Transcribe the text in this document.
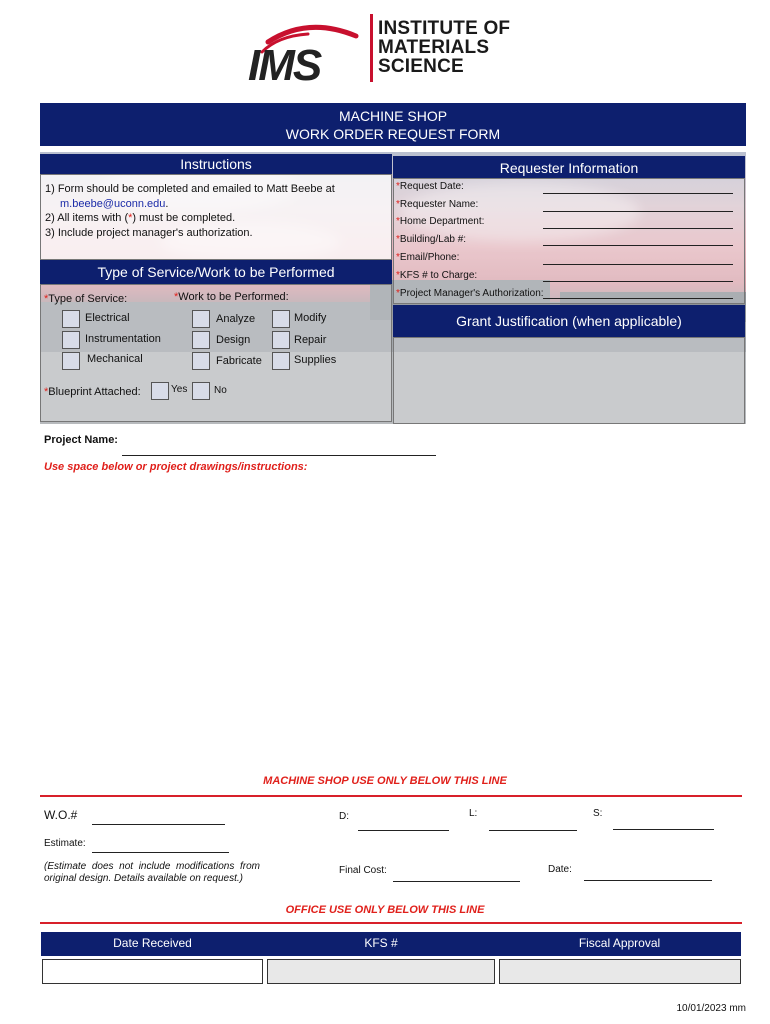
IMS
INSTITUTE OF
MATERIALS
SCIENCE
MACHINE SHOP
WORK ORDER REQUEST FORM
Instructions
1) Form should be completed and emailed to Matt Beebe at
m.beebe@uconn.edu.
2) All items with (*) must be completed.
3) Include project manager's authorization.
Type of Service/Work to be Performed
*Type of Service:	*Work to be Performed:
Electrical
Instrumentation
Mechanical
Analyze
Design
Fabricate
Modify
Repair
Supplies
*Blueprint Attached:	Yes	No
Requester Information
*Request Date:
*Requester Name:
*Home Department:
*Building/Lab #:
*Email/Phone:
*KFS # to Charge:
*Project Manager's Authorization:
Grant Justification (when applicable)
Project Name:
Use space below or project drawings/instructions:
MACHINE SHOP USE ONLY BELOW THIS LINE
W.O.#	D:	L:	S:
Estimate:
(Estimate does not include modifications from original design. Details available on request.)
Final Cost:	Date:
OFFICE USE ONLY BELOW THIS LINE
Date Received	KFS #	Fiscal Approval
10/01/2023 mm
